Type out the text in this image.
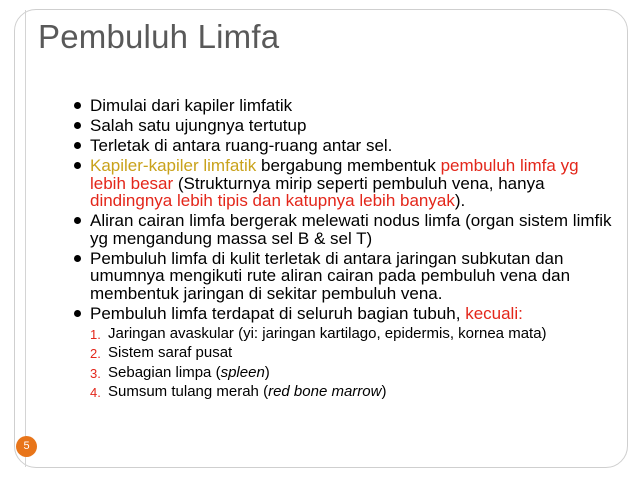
Pembuluh Limfa
Dimulai dari kapiler limfatik
Salah satu ujungnya tertutup
Terletak di antara ruang-ruang antar sel.
Kapiler-kapiler limfatik bergabung membentuk pembuluh limfa yg lebih besar (Strukturnya mirip seperti pembuluh vena, hanya dindingnya lebih tipis dan katupnya lebih banyak).
Aliran cairan limfa bergerak melewati nodus limfa (organ sistem limfik yg mengandung massa sel B & sel T)
Pembuluh limfa di kulit terletak di antara jaringan subkutan dan umumnya mengikuti rute aliran cairan pada pembuluh vena dan membentuk jaringan di sekitar pembuluh vena.
Pembuluh limfa terdapat di seluruh bagian tubuh, kecuali:
1. Jaringan avaskular (yi: jaringan kartilago, epidermis, kornea mata)
2. Sistem saraf pusat
3. Sebagian limpa (spleen)
4. Sumsum tulang merah (red bone marrow)
5
